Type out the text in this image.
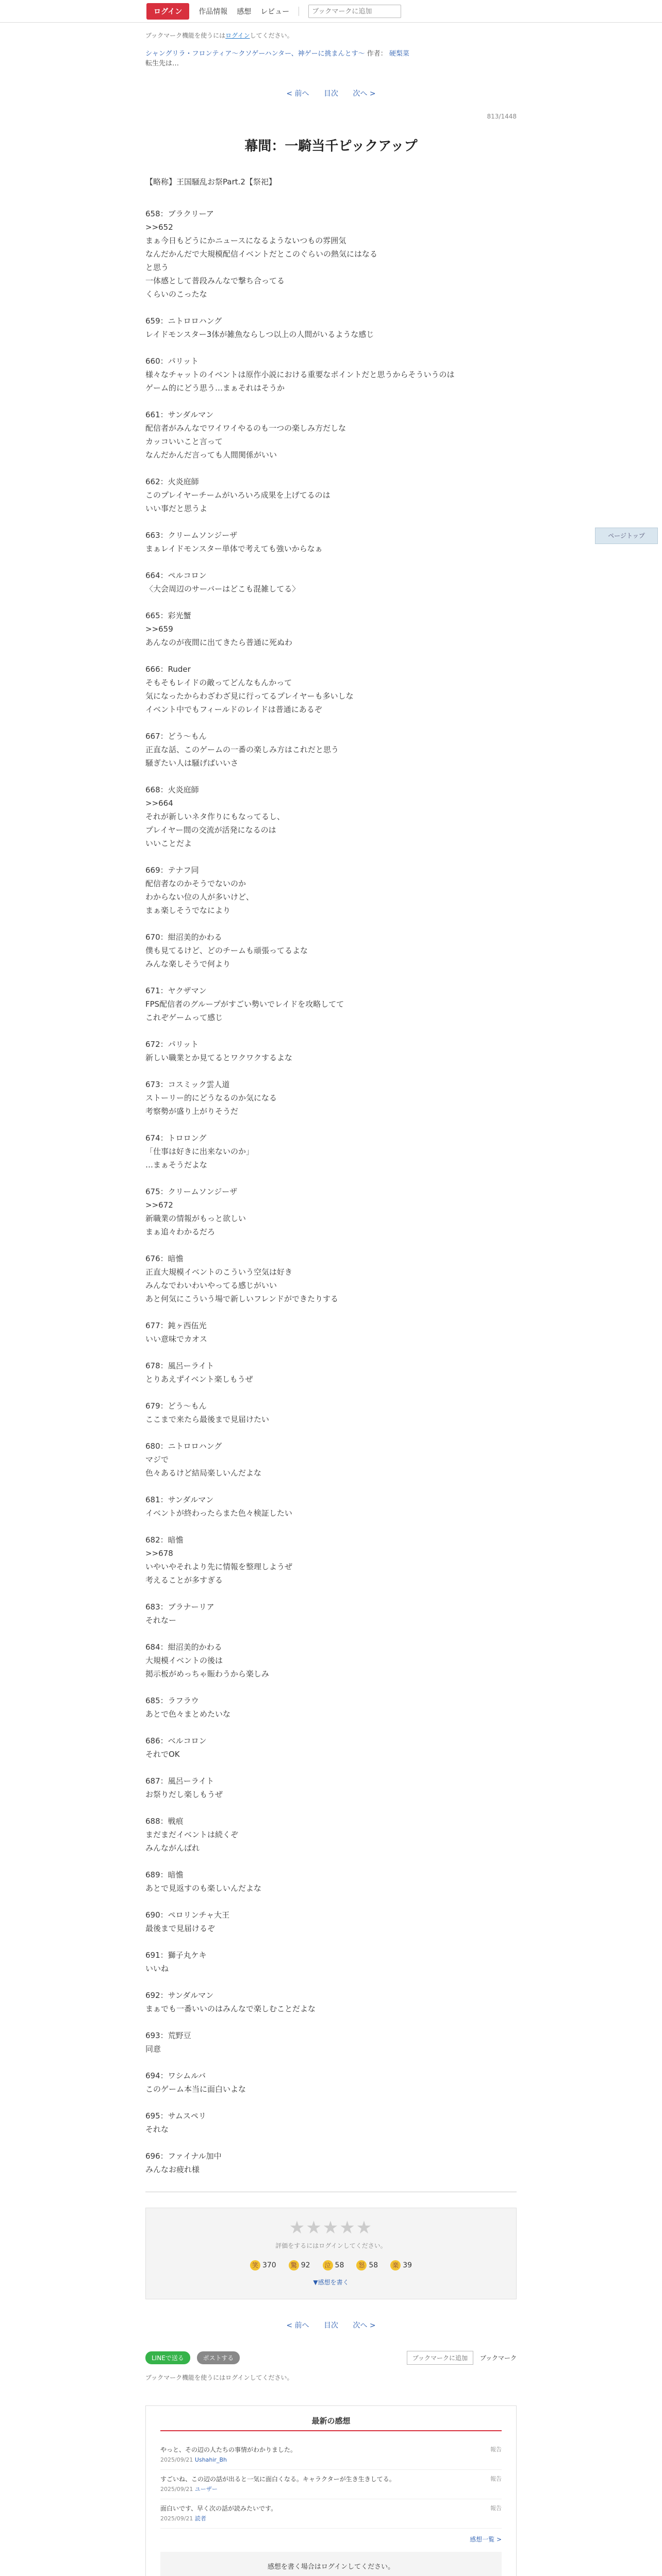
ログイン	作品情報 感想 レビュー
ブックマークに追加
ブックマーク機能を使うにはログインしてください。
シャングリラ・フロンティア〜クソゲーハンター、神ゲーに挑まんとす〜 作者： 硬梨菜
転生先は…
< 前へ 目次 次へ >
813/1448
幕間：一騎当千ピックアップ
【略称】王国騒乱お祭Part.2【祭祀】
658：ブラクリーア
>>652
まぁ今日もどうにかニュースになるようないつもの雰囲気
なんだかんだで大規模配信イベントだとこのぐらいの熱気にはなる
と思う
一体感として普段みんなで撃ち合ってる
くらいのこったな
659：ニトロロハング
レイドモンスター3体が雑魚ならしつ以上の人間がいるような感じ
660：パリット
様々なチャットのイベントは原作小説における重要なポイントだと思うからそういうのは
ゲーム的にどう思う…まぁそれはそうか
661：サンダルマン
配信者がみんなでワイワイやるのも一つの楽しみ方だしな
カッコいいこと言って
なんだかんだ言っても人間関係がいい
662：火炎庭師
このプレイヤーチームがいろいろ成果を上げてるのは
いい事だと思うよ
663：クリームソンジーザ
まぁレイドモンスター単体で考えても強いからなぁ
664：ペルコロン
〈大会周辺のサーバーはどこも混雑してる〉

665：彩光蟹
>>659
あんなのが夜間に出てきたら普通に死ぬわ
666：Ruder
そもそもレイドの敵ってどんなもんかって
気になったからわざわざ見に行ってるプレイヤーも多いしな
イベント中でもフィールドのレイドは普通にあるぞ
667：どう〜もん
正直な話、このゲームの一番の楽しみ方はこれだと思う
騒ぎたい人は騒げばいいさ
668：火炎庭師
>>664
それが新しいネタ作りにもなってるし、
プレイヤー間の交流が活発になるのは
いいことだよ
669：テナフ同
配信者なのかそうでないのか
わからない位の人が多いけど、
まぁ楽しそうでなにより
670：紺沼美的かわる
僕も見てるけど、どのチームも頑張ってるよな
みんな楽しそうで何より
671：ヤクザマン
FPS配信者のグループがすごい勢いでレイドを攻略してて
これぞゲームって感じ
672：パリット
新しい職業とか見てるとワクワクするよな
673：コスミック雲人道
ストーリー的にどうなるのか気になる
考察勢が盛り上がりそうだ
674：トロロング
「仕事は好きに出来ないのか」
…まぁそうだよな
675：クリームソンジーザ
>>672
新職業の情報がもっと欲しい
まぁ追々わかるだろ
676：暗憺
正直大規模イベントのこういう空気は好き
みんなでわいわいやってる感じがいい
あと何気にこういう場で新しいフレンドができたりする
677：鈍ヶ西伍光
いい意味でカオス
678：風呂ーライト
とりあえずイベント楽しもうぜ
679：どう〜もん
ここまで来たら最後まで見届けたい
680：ニトロロハング
マジで
色々あるけど結局楽しいんだよな
681：サンダルマン
イベントが終わったらまた色々検証したい
682：暗憺
>>678
いやいやそれより先に情報を整理しようぜ
考えることが多すぎる
683：ブラナーリア
それなー
684：紺沼美的かわる
大規模イベントの後は
掲示板がめっちゃ賑わうから楽しみ
685：ラフラウ
あとで色々まとめたいな
686：ベルコロン
それでOK
687：風呂ーライト
お祭りだし楽しもうぜ
688：戦痕
まだまだイベントは続くぞ
みんながんばれ
689：暗憺
あとで見返すのも楽しいんだよな
690：ペロリンチャ大王
最後まで見届けるぞ
691：獅子丸ケキ
いいね
692：サンダルマン
まぁでも一番いいのはみんなで楽しむことだよな
693：荒野豆
同意
694：ワシムルバ
このゲーム本当に面白いよな
695：サムスペリ
それな
696：ファイナル加中
みんなお疲れ様
★★★★★
評価をするにはログインしてください。
笑 370	驚 92	泣 58	怒 58	楽 39
▼感想を書く
< 前へ 目次 次へ >
LINEで送る	ポストする	ブックマークに追加 ブックマーク
ブックマーク機能を使うにはログインしてください。
最新の感想
報告
やっと、その辺の人たちの事情がわかりました。
2025/09/21 Ushahir_Bh
報告
すごいね、この辺の話が出ると一気に面白くなる。キャラクターが生き生きしてる。
2025/09/21 ユーザー
報告
面白いです、早く次の話が読みたいです。
2025/09/21 読者
感想一覧 >
感想を書く場合はログインしてください。
ページトップ
